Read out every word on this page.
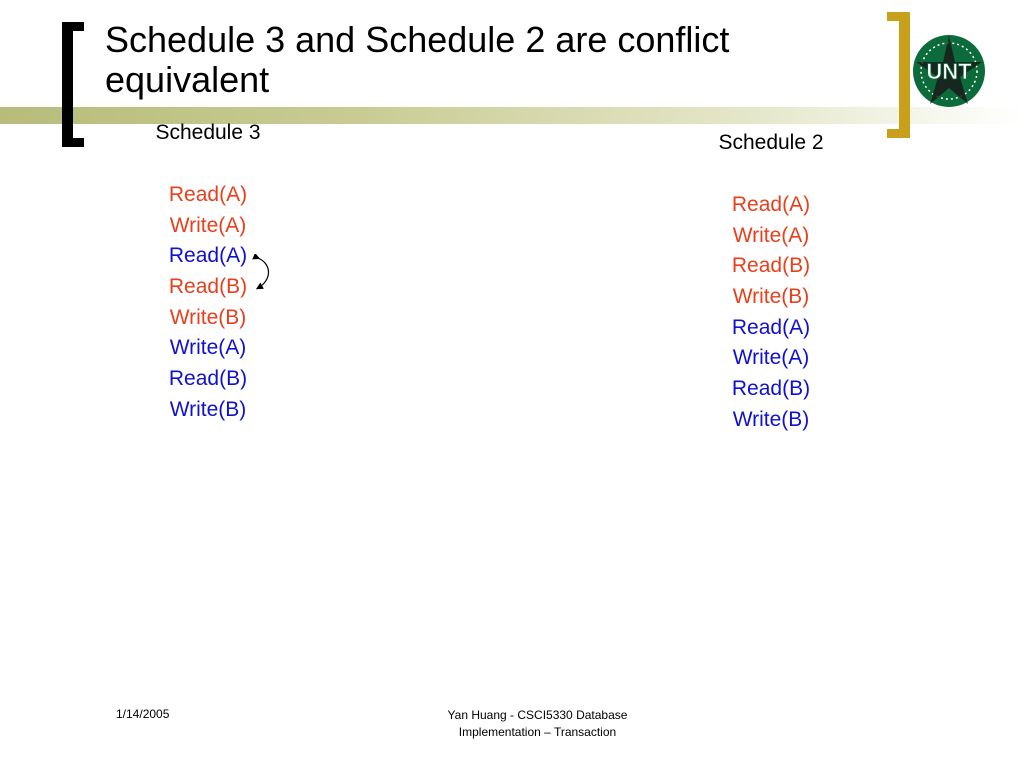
Schedule 3 and Schedule 2 are conflict equivalent	UNT

Schedule 3

Read(A)
Write(A)
Read(A)
Read(B)
Write(B)
Write(A)
Read(B)
Write(B)

Schedule 2

Read(A)
Write(A)
Read(B)
Write(B)
Read(A)
Write(A)
Read(B)
Write(B)
1/14/2005	Yan Huang - CSCI5330 Database
Implementation – Transaction
